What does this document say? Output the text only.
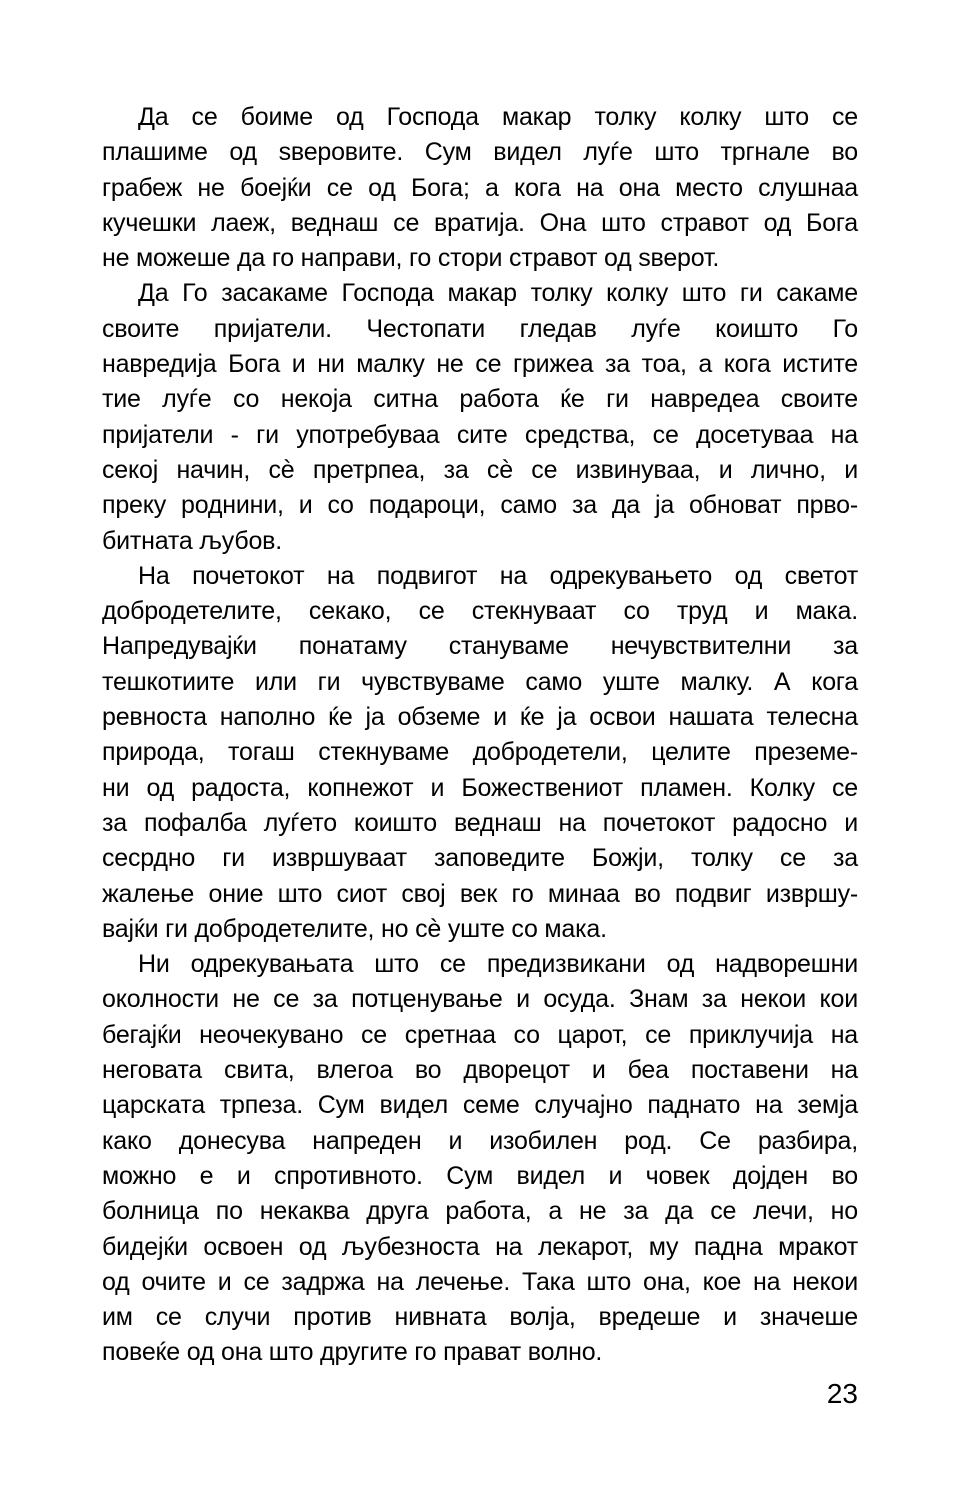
Да се боиме од Господа макар толку колку што се
плашиме од ѕверовите. Сум видел луѓе што тргнале во
грабеж не боејќи се од Бога; а кога на она место слушнаа
кучешки лаеж, веднаш се вратија. Она што стравот од Бога
не можеше да го направи, го стори стравот од ѕверот.
Да Го засакаме Господа макар толку колку што ги сакаме
своите пријатели. Честопати гледав луѓе коишто Го
навредија Бога и ни малку не се грижеа за тоа, а кога истите
тие луѓе со некоја ситна работа ќе ги навредеа своите
пријатели - ги употребуваа сите средства, се досетуваа на
секој начин, сѐ претрпеа, за сѐ се извинуваа, и лично, и
преку роднини, и со подароци, само за да ја обноват прво-
битната љубов.
На почетокот на подвигот на одрекувањето од светот
добродетелите, секако, се стекнуваат со труд и мака.
Напредувајќи понатаму стануваме нечувствителни за
тешкотиите или ги чувствуваме само уште малку. А кога
ревноста наполно ќе ја обземе и ќе ја освои нашата телесна
природа, тогаш стекнуваме добродетели, целите преземе-
ни од радоста, копнежот и Божествениот пламен. Колку се
за пофалба луѓето коишто веднаш на почетокот радосно и
сесрдно ги извршуваат заповедите Божји, толку се за
жалење оние што сиот свој век го минаа во подвиг извршу-
вајќи ги добродетелите, но сѐ уште со мака.
Ни одрекувањата што се предизвикани од надворешни
околности не се за потценување и осуда. Знам за некои кои
бегајќи неочекувано се сретнаа со царот, се приклучија на
неговата свита, влегоа во дворецот и беа поставени на
царската трпеза. Сум видел семе случајно паднато на земја
како донесува напреден и изобилен род. Се разбира,
можно е и спротивното. Сум видел и човек дојден во
болница по некаква друга работа, а не за да се лечи, но
бидејќи освоен од љубезноста на лекарот, му падна мракот
од очите и се задржа на лечење. Така што она, кое на некои
им се случи против нивната волја, вредеше и значеше
повеќе од она што другите го прават волно.
23
